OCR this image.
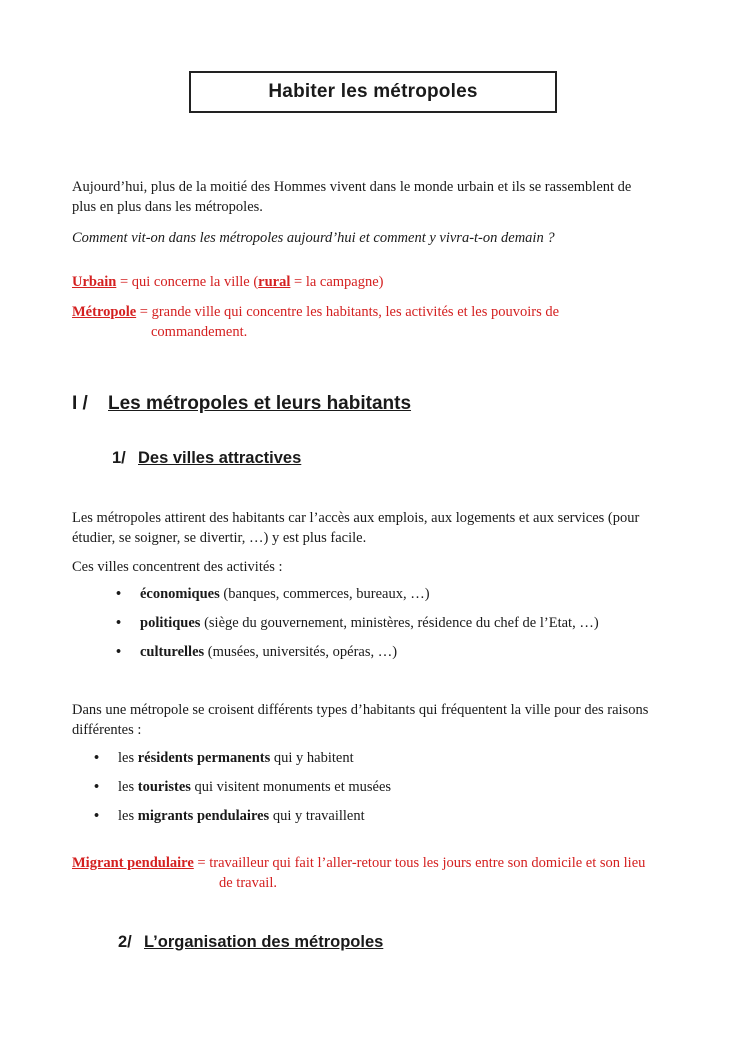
Habiter les métropoles
Aujourd’hui, plus de la moitié des Hommes vivent dans le monde urbain et ils se rassemblent de
plus en plus dans les métropoles.
Comment vit-on dans les métropoles aujourd’hui et comment y vivra-t-on demain ?
Urbain = qui concerne la ville (rural = la campagne)
Métropole = grande ville qui concentre les habitants, les activités et les pouvoirs de
commandement.
I /	Les métropoles et leurs habitants
1/ Des villes attractives
Les métropoles attirent des habitants car l’accès aux emplois, aux logements et aux services (pour
étudier, se soigner, se divertir, …) y est plus facile.
Ces villes concentrent des activités :
•	économiques (banques, commerces, bureaux, …)
•	politiques (siège du gouvernement, ministères, résidence du chef de l’Etat, …)
•	culturelles (musées, universités, opéras, …)
Dans une métropole se croisent différents types d’habitants qui fréquentent la ville pour des raisons
différentes :
•	les résidents permanents qui y habitent
•	les touristes qui visitent monuments et musées
•	les migrants pendulaires qui y travaillent
Migrant pendulaire = travailleur qui fait l’aller-retour tous les jours entre son domicile et son lieu
de travail.
2/ L’organisation des métropoles
